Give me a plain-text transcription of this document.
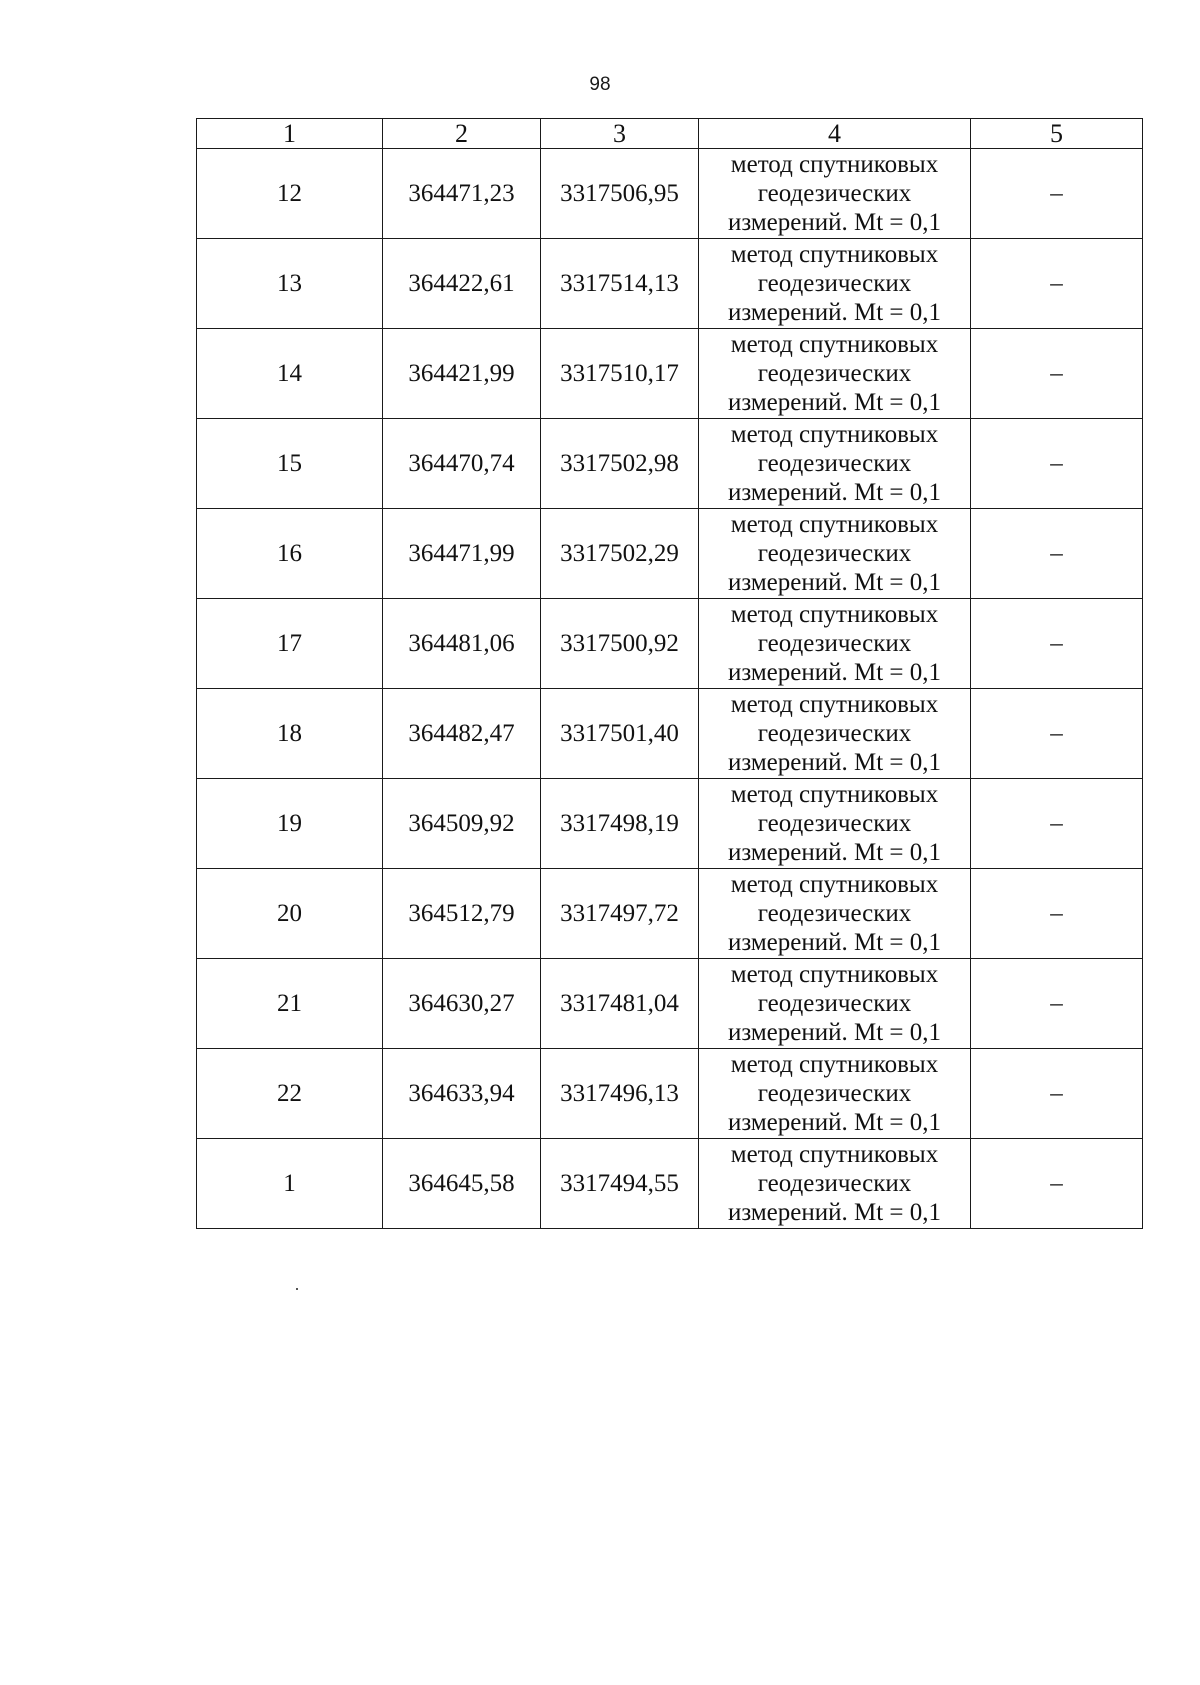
98
1	2	3	4	5
12	364471,23	3317506,95	метод спутниковых
геодезических
измерений. Mt = 0,1	–
13	364422,61	3317514,13	метод спутниковых
геодезических
измерений. Mt = 0,1	–
14	364421,99	3317510,17	метод спутниковых
геодезических
измерений. Mt = 0,1	–
15	364470,74	3317502,98	метод спутниковых
геодезических
измерений. Mt = 0,1	–
16	364471,99	3317502,29	метод спутниковых
геодезических
измерений. Mt = 0,1	–
17	364481,06	3317500,92	метод спутниковых
геодезических
измерений. Mt = 0,1	–
18	364482,47	3317501,40	метод спутниковых
геодезических
измерений. Mt = 0,1	–
19	364509,92	3317498,19	метод спутниковых
геодезических
измерений. Mt = 0,1	–
20	364512,79	3317497,72	метод спутниковых
геодезических
измерений. Mt = 0,1	–
21	364630,27	3317481,04	метод спутниковых
геодезических
измерений. Mt = 0,1	–
22	364633,94	3317496,13	метод спутниковых
геодезических
измерений. Mt = 0,1	–
1	364645,58	3317494,55	метод спутниковых
геодезических
измерений. Mt = 0,1	–
